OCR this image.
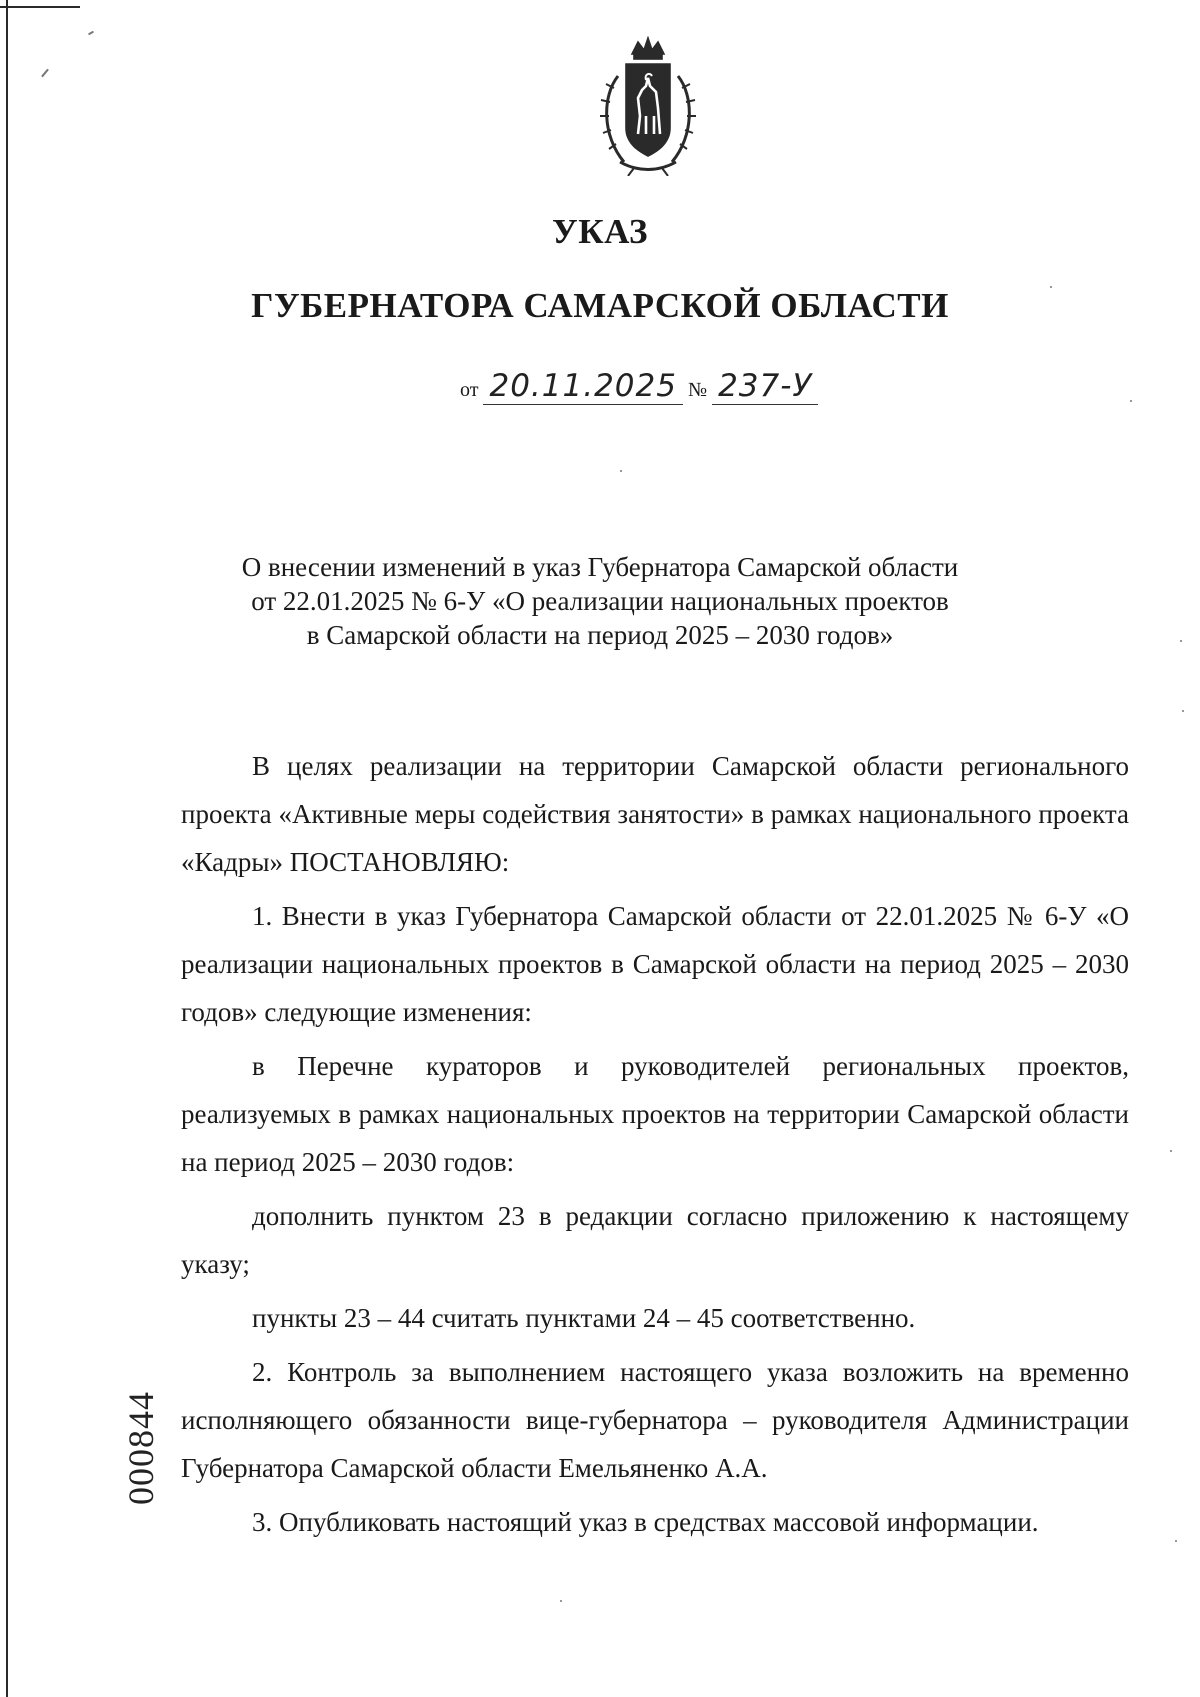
УКАЗ
ГУБЕРНАТОРА САМАРСКОЙ ОБЛАСТИ
от 20.11.2025 № 237-У
О внесении изменений в указ Губернатора Самарской области
от 22.01.2025 № 6-У «О реализации национальных проектов
в Самарской области на период 2025 – 2030 годов»

В целях реализации на территории Самарской области регионального проекта «Активные меры содействия занятости» в рамках национального проекта «Кадры» ПОСТАНОВЛЯЮ:

1. Внести в указ Губернатора Самарской области от 22.01.2025 № 6-У «О реализации национальных проектов в Самарской области на период 2025 – 2030 годов» следующие изменения:

в Перечне кураторов и руководителей региональных проектов, реализуемых в рамках национальных проектов на территории Самарской области на период 2025 – 2030 годов:

дополнить пунктом 23 в редакции согласно приложению к настоящему указу;

пункты 23 – 44 считать пунктами 24 – 45 соответственно.

2. Контроль за выполнением настоящего указа возложить на временно исполняющего обязанности вице-губернатора – руководителя Администрации Губернатора Самарской области Емельяненко А.А.

3. Опубликовать настоящий указ в средствах массовой информации.

000844
